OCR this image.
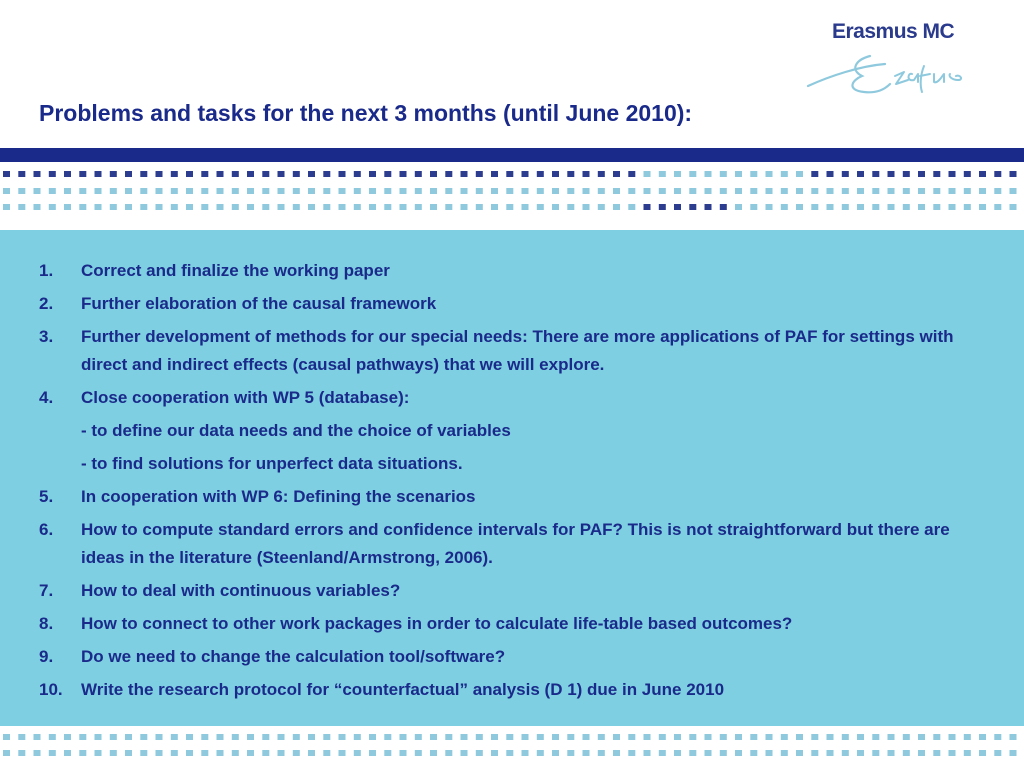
Problems and tasks for the next 3 months (until June 2010):
Erasmus MC
1. Correct and finalize the working paper
2. Further elaboration of the causal framework
3. Further development of methods for our special needs: There are more applications of PAF for settings with direct and indirect effects (causal pathways) that we will explore.
4. Close cooperation with WP 5 (database):
- to define our data needs and the choice of variables
- to find solutions for unperfect data situations.
5. In cooperation with WP 6: Defining the scenarios
6. How to compute standard errors and confidence intervals for PAF? This is not straightforward but there are ideas in the literature (Steenland/Armstrong, 2006).
7. How to deal with continuous variables?
8. How to connect to other work packages in order to calculate life-table based outcomes?
9. Do we need to change the calculation tool/software?
10. Write the research protocol for “counterfactual” analysis (D 1) due in June 2010
